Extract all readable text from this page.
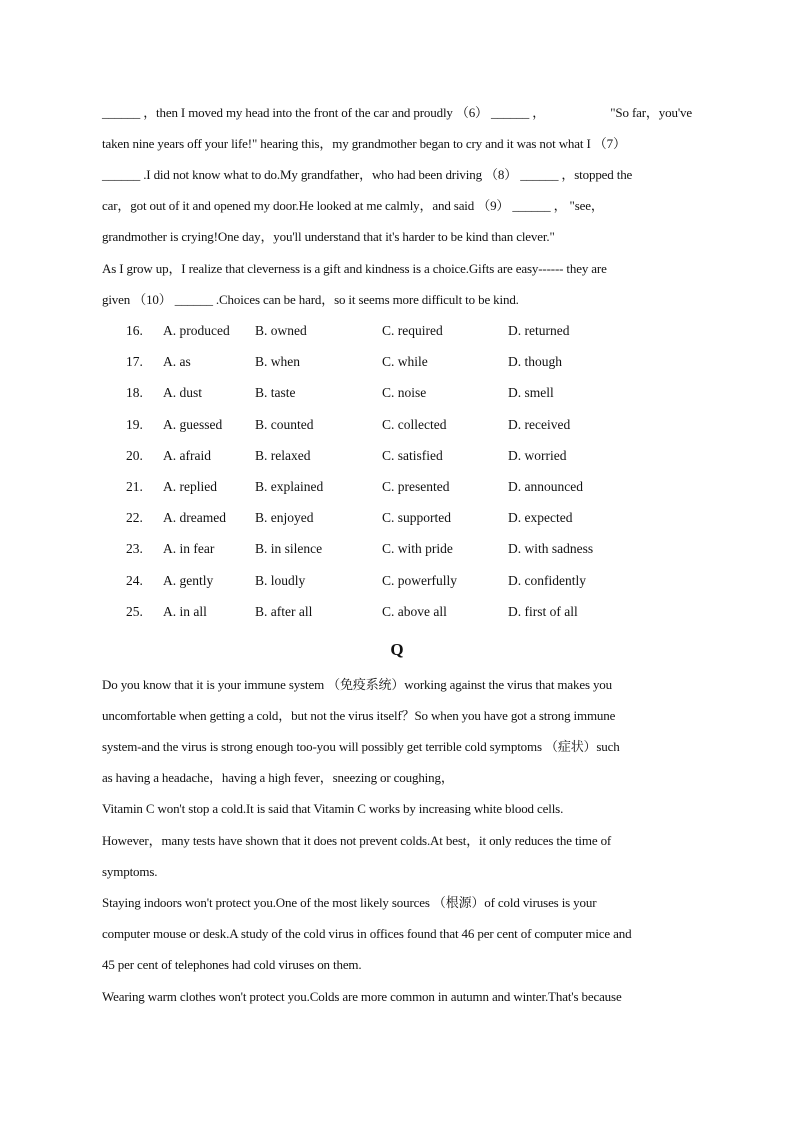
______ ，then I moved my head into the front of the car and proudly （6） ______ ，	"So far，you've
taken nine years off your life!" hearing this，my grandmother began to cry and it was not what I （7）
______ .I did not know what to do.My grandfather，who had been driving （8） ______ ，stopped the
car，got out of it and opened my door.He looked at me calmly，and said （9） ______ ， "see，
grandmother is crying!One day，you'll understand that it's harder to be kind than clever."
As I grow up，I realize that cleverness is a gift and kindness is a choice.Gifts are easy------ they are
given （10） ______ .Choices can be hard，so it seems more difficult to be kind.
16. A. produced B. owned	C. required	D. returned
17. A. as	B. when	C. while	D. though
18. A. dust	B. taste	C. noise	D. smell
19. A. guessed B. counted	C. collected	D. received
20. A. afraid	B. relaxed	C. satisfied	D. worried
21. A. replied	B. explained	C. presented	D. announced
22. A. dreamed B. enjoyed	C. supported	D. expected
23. A. in fear	B. in silence	C. with pride	D. with sadness
24. A. gently	B. loudly	C. powerfully	D. confidently
25. A. in all	B. after all	C. above all	D. first of all
Q
Do you know that it is your immune system （免疫系统）working against the virus that makes you
uncomfortable when getting a cold，but not the virus itself？So when you have got a strong immune
system-and the virus is strong enough too-you will possibly get terrible cold symptoms （症状）such
as having a headache，having a high fever，sneezing or coughing，
Vitamin C won't stop a cold.It is said that Vitamin C works by increasing white blood cells.
However，many tests have shown that it does not prevent colds.At best，it only reduces the time of
symptoms.
Staying indoors won't protect you.One of the most likely sources （根源）of cold viruses is your
computer mouse or desk.A study of the cold virus in offices found that 46 per cent of computer mice and
45 per cent of telephones had cold viruses on them.
Wearing warm clothes won't protect you.Colds are more common in autumn and winter.That's because
